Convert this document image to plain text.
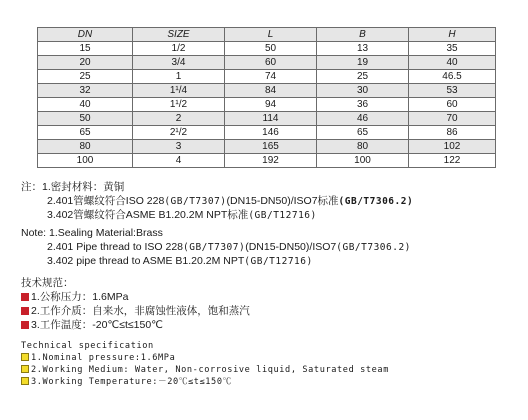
DN	SIZE	L	B	H
15	1/2	50	13	35
20	3/4	60	19	40
25	1	74	25	46.5
32	1¹/4	84	30	53
40	1¹/2	94	36	60
50	2	114	46	70
65	2¹/2	146	65	86
80	3	165	80	102
100	4	192	100	122
注：1.密封材料：黄铜
2.401管螺纹符合ISO 228(GB/T7307)(DN15-DN50)/ISO7标准(GB/T7306.2)
3.402管螺纹符合ASME B1.20.2M NPT标准(GB/T12716)
Note: 1.Sealing Material:Brass
2.401 Pipe thread to ISO 228(GB/T7307)(DN15-DN50)/ISO7(GB/T7306.2)
3.402 pipe thread to ASME B1.20.2M NPT(GB/T12716)
技术规范：
1.公称压力：1.6MPa
2.工作介质：自来水，非腐蚀性液体，饱和蒸汽
3.工作温度：-20℃≤t≤150℃
Technical specification
1.Nominal pressure:1.6MPa
2.Working Medium: Water, Non-corrosive liquid, Saturated steam
3.Working Temperature:－20℃≤t≤150℃
